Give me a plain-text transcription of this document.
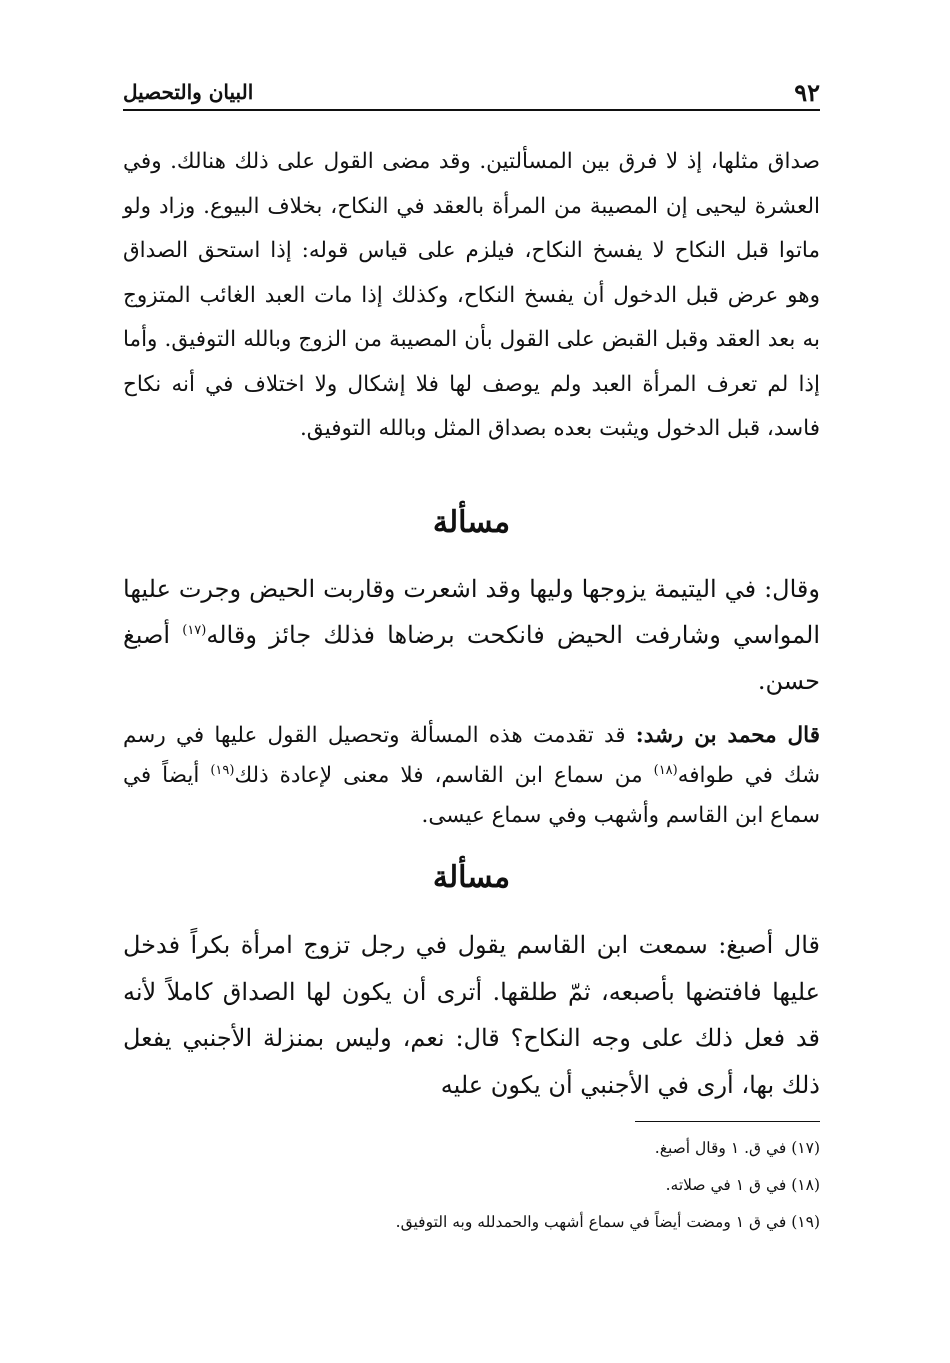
٩٢
البيان والتحصيل

صداق مثلها، إذ لا فرق بين المسألتين. وقد مضى القول على ذلك هنالك. وفي العشرة ليحيى إن المصيبة من المرأة بالعقد في النكاح، بخلاف البيوع. وزاد ولو ماتوا قبل النكاح لا يفسخ النكاح، فيلزم على قياس قوله: إذا استحق الصداق وهو عرض قبل الدخول أن يفسخ النكاح، وكذلك إذا مات العبد الغائب المتزوج به بعد العقد وقبل القبض على القول بأن المصيبة من الزوج وبالله التوفيق. وأما إذا لم تعرف المرأة العبد ولم يوصف لها فلا إشكال ولا اختلاف في أنه نكاح فاسد، قبل الدخول ويثبت بعده بصداق المثل وبالله التوفيق.

مسألة

وقال: في اليتيمة يزوجها وليها وقد اشعرت وقاربت الحيض وجرت عليها المواسي وشارفت الحيض فانكحت برضاها فذلك جائز وقاله$^{(١٧)}$ أصبغ حسن.

قال محمد بن رشد: قد تقدمت هذه المسألة وتحصيل القول عليها في رسم شك في طوافه$^{(١٨)}$ من سماع ابن القاسم، فلا معنى لإعادة ذلك$^{(١٩)}$ أيضاً في سماع ابن القاسم وأشهب وفي سماع عيسى.

مسألة

قال أصبغ: سمعت ابن القاسم يقول في رجل تزوج امرأة بكراً فدخل عليها فافتضها بأصبعه، ثمّ طلقها. أترى أن يكون لها الصداق كاملاً لأنه قد فعل ذلك على وجه النكاح؟ قال: نعم، وليس بمنزلة الأجنبي يفعل ذلك بها، أرى في الأجنبي أن يكون عليه

(١٧) في ق. ١ وقال أصبغ.
(١٨) في ق ١ في صلاته.
(١٩) في ق ١ ومضت أيضاً في سماع أشهب والحمدلله وبه التوفيق.
